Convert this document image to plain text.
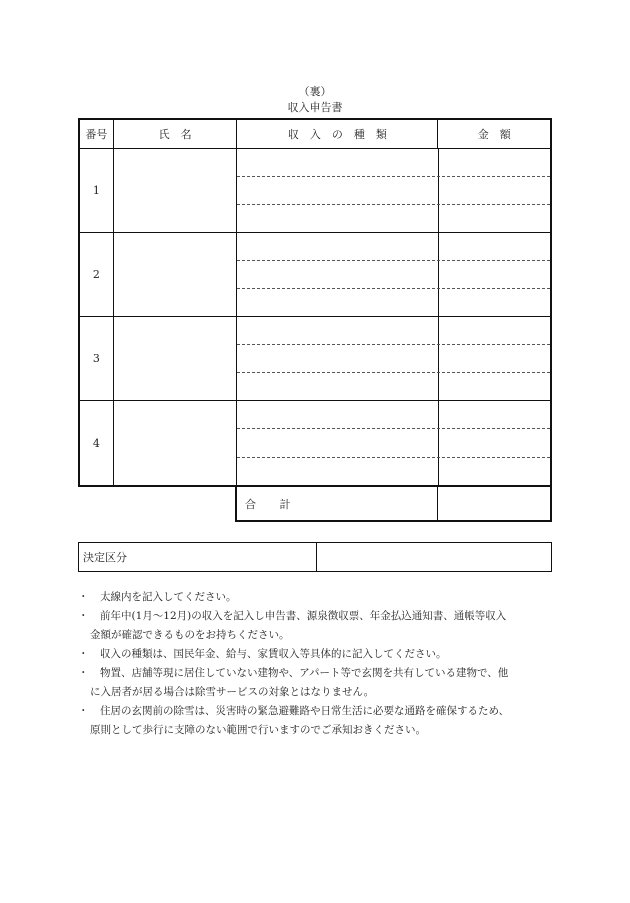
（裏）
収入申告書
番号	氏　名	収　入　の　種　類	金　額
1
2
3
4
合 計
決定区分
・	太線内を記入してください。
・	前年中(1月〜12月)の収入を記入し申告書、源泉徴収票、年金払込通知書、通帳等収入
金額が確認できるものをお持ちください。
・	収入の種類は、国民年金、給与、家賃収入等具体的に記入してください。
・	物置、店舗等現に居住していない建物や、アパート等で玄関を共有している建物で、他
に入居者が居る場合は除雪サービスの対象とはなりません。
・	住居の玄関前の除雪は、災害時の緊急避難路や日常生活に必要な通路を確保するため、
原則として歩行に支障のない範囲で行いますのでご承知おきください。
